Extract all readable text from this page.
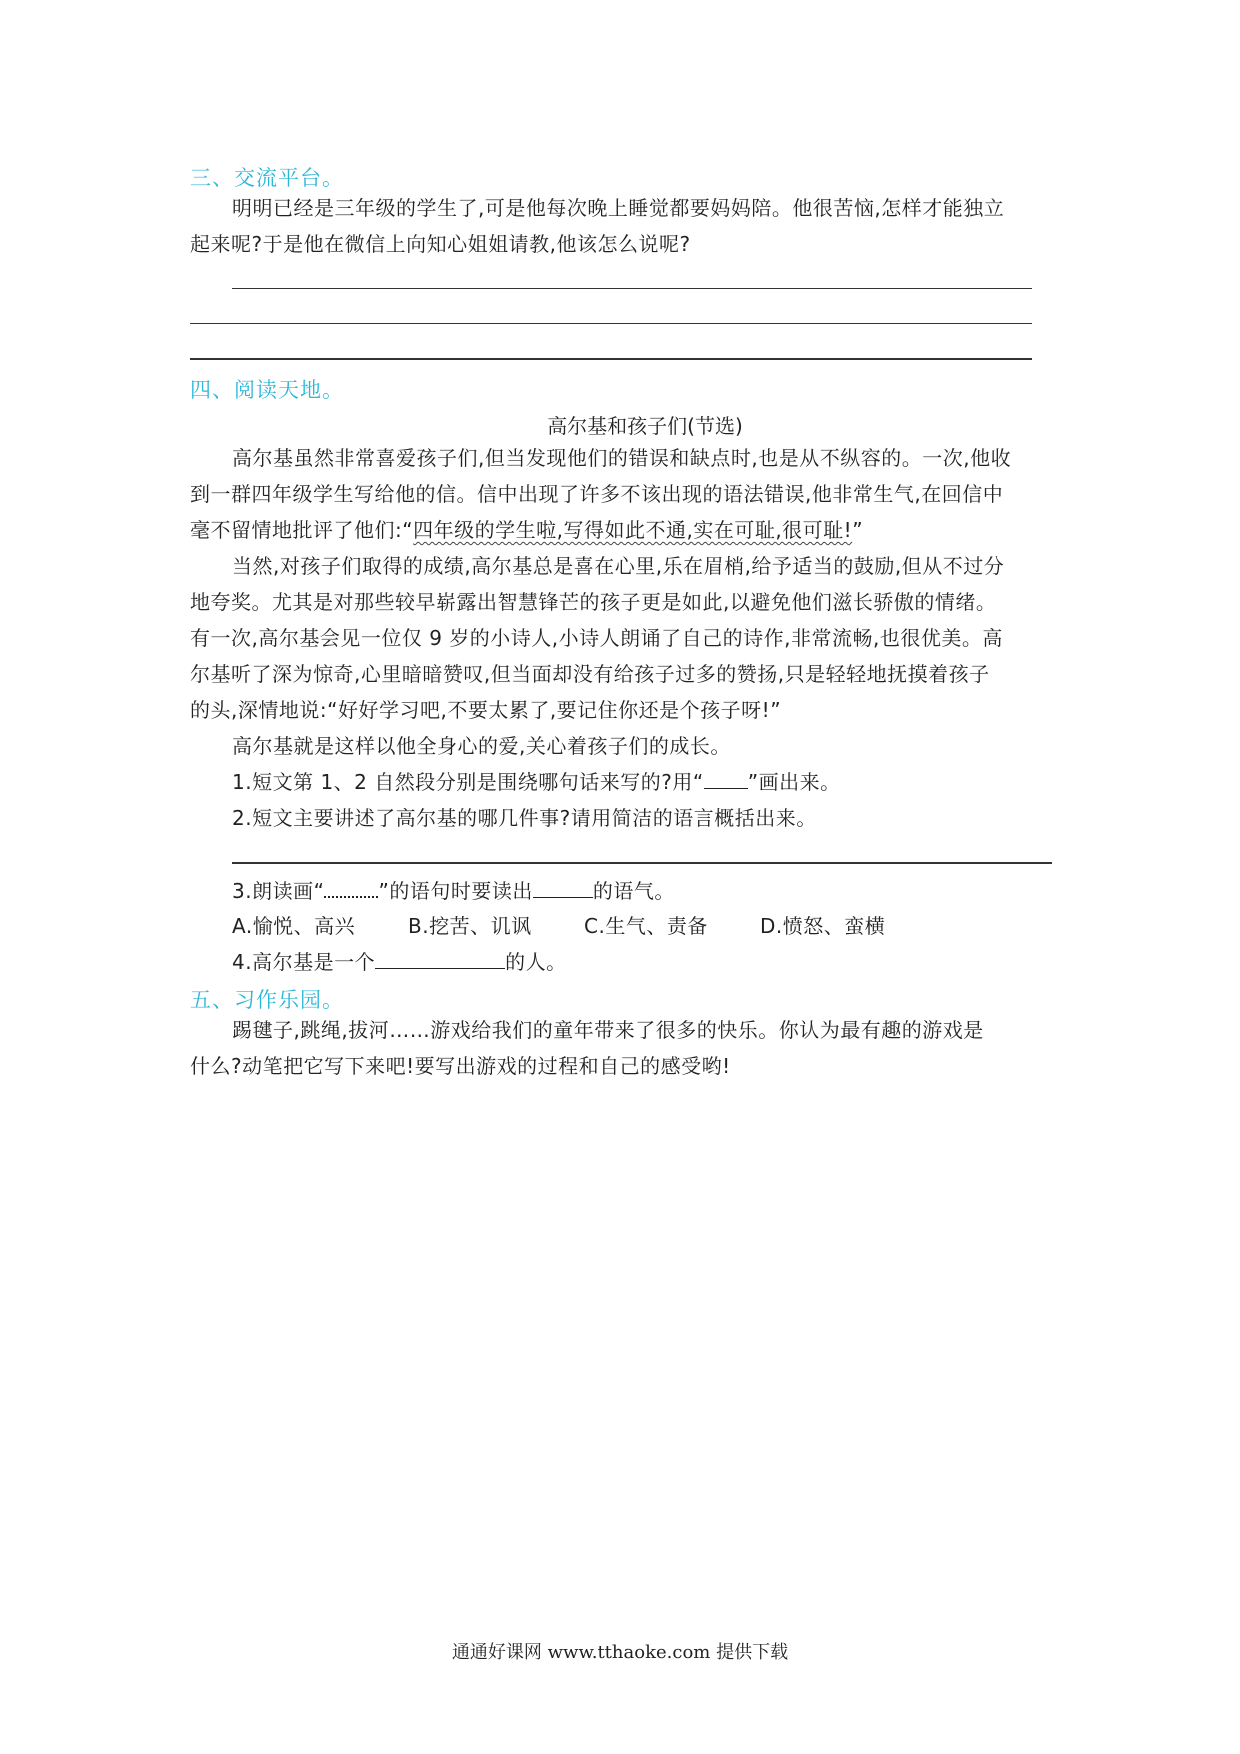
三、交流平台。
明明已经是三年级的学生了,可是他每次晚上睡觉都要妈妈陪。他很苦恼,怎样才能独立
起来呢?于是他在微信上向知心姐姐请教,他该怎么说呢?
四、阅读天地。
高尔基和孩子们(节选)
高尔基虽然非常喜爱孩子们,但当发现他们的错误和缺点时,也是从不纵容的。一次,他收
到一群四年级学生写给他的信。信中出现了许多不该出现的语法错误,他非常生气,在回信中
毫不留情地批评了他们:“四年级的学生啦,写得如此不通,实在可耻,很可耻!”
当然,对孩子们取得的成绩,高尔基总是喜在心里,乐在眉梢,给予适当的鼓励,但从不过分
地夸奖。尤其是对那些较早崭露出智慧锋芒的孩子更是如此,以避免他们滋长骄傲的情绪。
有一次,高尔基会见一位仅 9 岁的小诗人,小诗人朗诵了自己的诗作,非常流畅,也很优美。高
尔基听了深为惊奇,心里暗暗赞叹,但当面却没有给孩子过多的赞扬,只是轻轻地抚摸着孩子
的头,深情地说:“好好学习吧,不要太累了,要记住你还是个孩子呀!”
高尔基就是这样以他全身心的爱,关心着孩子们的成长。
1.短文第 1、2 自然段分别是围绕哪句话来写的?用“ ”画出来。
2.短文主要讲述了高尔基的哪几件事?请用简洁的语言概括出来。
3.朗读画“	”的语句时要读出	的语气。
A.愉悦、高兴	B.挖苦、讥讽	C.生气、责备	D.愤怒、蛮横
4.高尔基是一个	的人。
五、习作乐园。
踢毽子,跳绳,拔河……游戏给我们的童年带来了很多的快乐。你认为最有趣的游戏是
什么?动笔把它写下来吧!要写出游戏的过程和自己的感受哟!
通通好课网 www.tthaoke.com 提供下载
